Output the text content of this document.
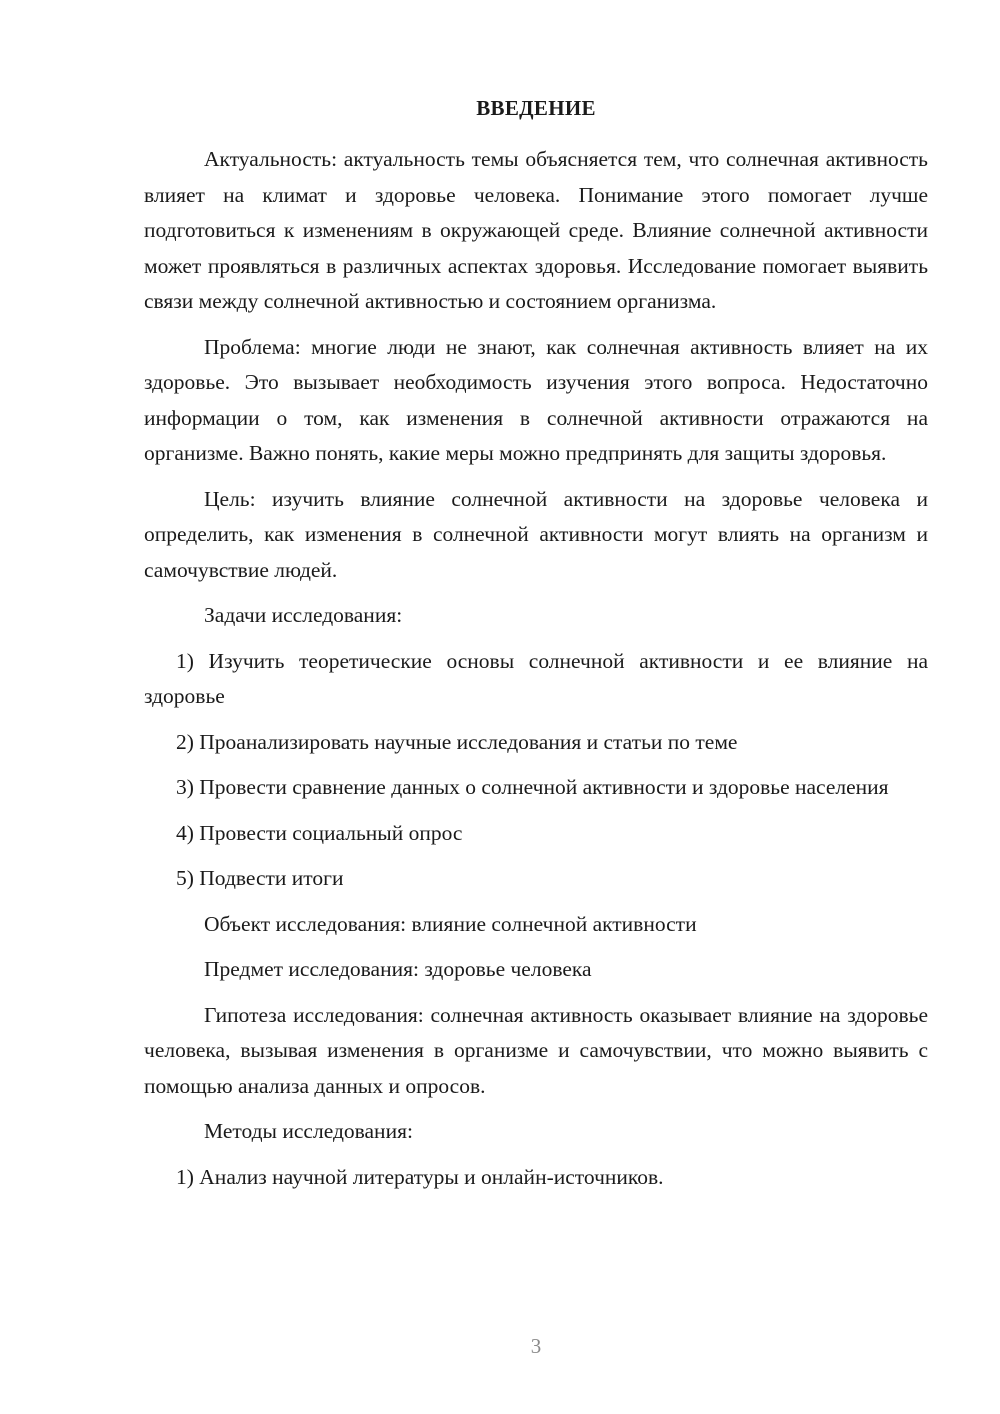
ВВЕДЕНИЕ

Актуальность: актуальность темы объясняется тем, что солнечная активность влияет на климат и здоровье человека. Понимание этого помогает лучше подготовиться к изменениям в окружающей среде. Влияние солнечной активности может проявляться в различных аспектах здоровья. Исследование помогает выявить связи между солнечной активностью и состоянием организма.

Проблема: многие люди не знают, как солнечная активность влияет на их здоровье. Это вызывает необходимость изучения этого вопроса. Недостаточно информации о том, как изменения в солнечной активности отражаются на организме. Важно понять, какие меры можно предпринять для защиты здоровья.

Цель: изучить влияние солнечной активности на здоровье человека и определить, как изменения в солнечной активности могут влиять на организм и самочувствие людей.

Задачи исследования:

1) Изучить теоретические основы солнечной активности и ее влияние на здоровье

2) Проанализировать научные исследования и статьи по теме

3) Провести сравнение данных о солнечной активности и здоровье населения

4) Провести социальный опрос

5) Подвести итоги

Объект исследования: влияние солнечной активности

Предмет исследования: здоровье человека

Гипотеза исследования: солнечная активность оказывает влияние на здоровье человека, вызывая изменения в организме и самочувствии, что можно выявить с помощью анализа данных и опросов.

Методы исследования:

1) Анализ научной литературы и онлайн-источников.

3
